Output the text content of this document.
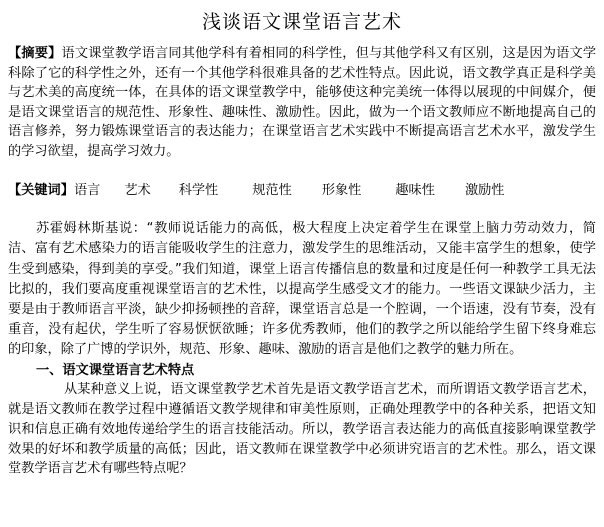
浅谈语文课堂语言艺术
【摘要】语文课堂教学语言同其他学科有着相同的科学性，但与其他学科又有区别，这是因为语文学科除了它的科学性之外，还有一个其他学科很难具备的艺术性特点。因此说，语文教学真正是科学美与艺术美的高度统一体，在具体的语文课堂教学中，能够使这种完美统一体得以展现的中间媒介，便是语文课堂语言的规范性、形象性、趣味性、激励性。因此，做为一个语文教师应不断地提高自己的语言修养，努力锻炼课堂语言的表达能力；在课堂语言艺术实践中不断提高语言艺术水平，激发学生的学习欲望，提高学习效力。
【关键词】 语言 艺术 科学性	规范性 形象性	趣味性 激励性
苏霍姆林斯基说：“教师说话能力的高低，极大程度上决定着学生在课堂上脑力劳动效力，简洁、富有艺术感染力的语言能吸收学生的注意力，激发学生的思维活动，又能丰富学生的想象，使学生受到感染，得到美的享受。”我们知道，课堂上语言传播信息的数量和过度是任何一种教学工具无法比拟的，我们要高度重视课堂语言的艺术性，以提高学生感受文才的能力。一些语文课缺少活力，主要是由于教师语言平淡，缺少抑扬顿挫的音辞，课堂语言总是一个腔调，一个语速，没有节奏，没有重音，没有起伏，学生听了容易恹恹欲睡；许多优秀教师，他们的教学之所以能给学生留下终身难忘的印象，除了广博的学识外，规范、形象、趣味、激励的语言是他们之教学的魅力所在。
一、语文课堂语言艺术特点
从某种意义上说，语文课堂教学艺术首先是语文教学语言艺术，而所谓语文教学语言艺术，就是语文教师在教学过程中遵循语文教学规律和审美性原则，正确处理教学中的各种关系，把语文知识和信息正确有效地传递给学生的语言技能活动。所以，教学语言表达能力的高低直接影响课堂教学效果的好坏和教学质量的高低；因此，语文教师在课堂教学中必须讲究语言的艺术性。那么，语文课堂教学语言艺术有哪些特点呢？
